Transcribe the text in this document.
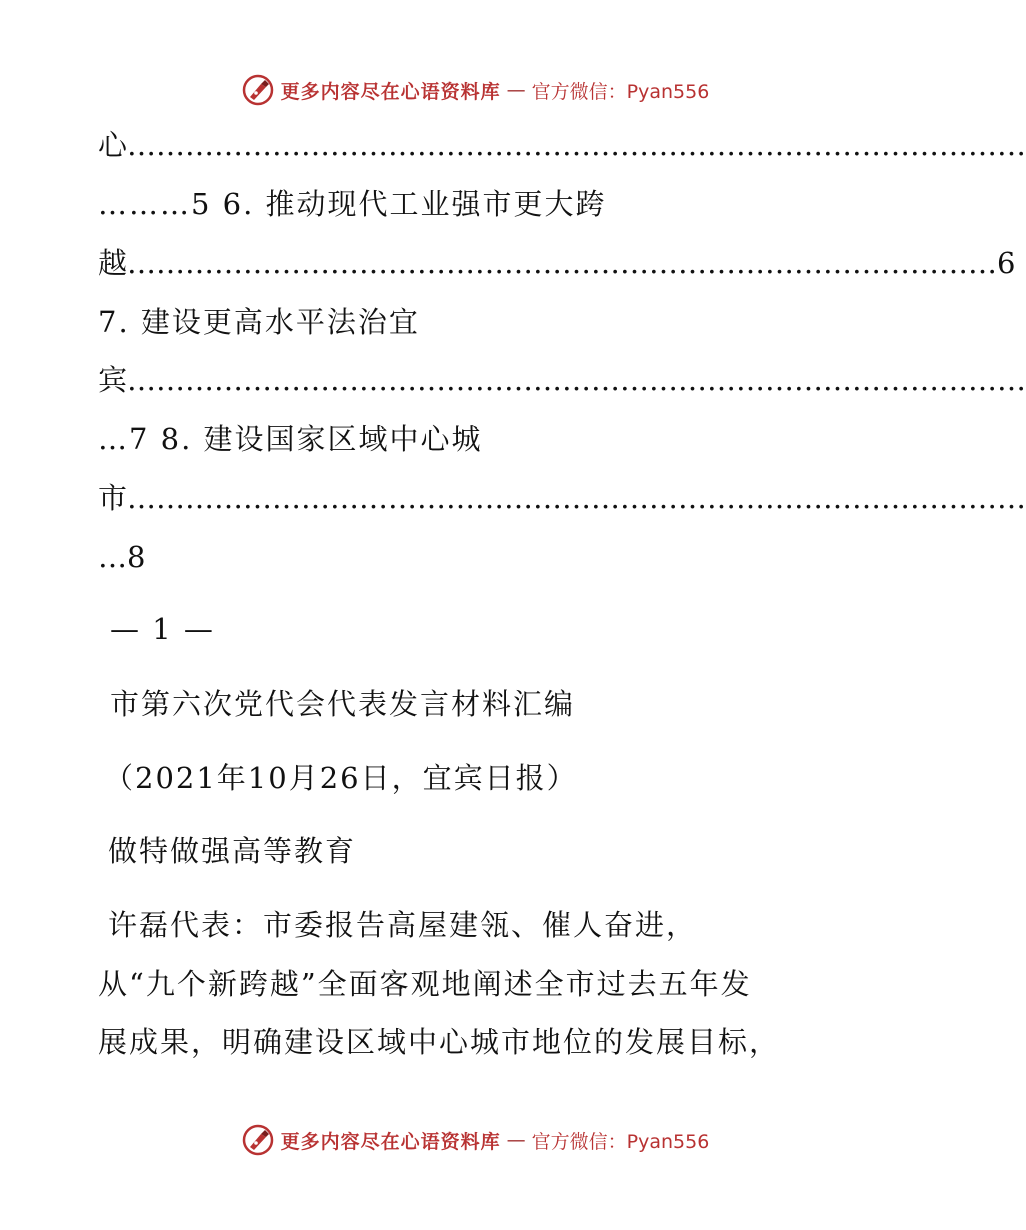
更多内容尽在心语资料库 — 官方微信：Pyan556
心…………………………………………………………………………………
………5 6. 推动现代工业强市更大跨
越………………………………………………………………………………6
7. 建设更高水平法治宜
宾…………………………………………………………………………………
…7 8. 建设国家区域中心城
市…………………………………………………………………………………
…8
— 1 —
市第六次党代会代表发言材料汇编
（2021年10月26日，宜宾日报）
做特做强高等教育
许磊代表：市委报告高屋建瓴、催人奋进，
从“九个新跨越”全面客观地阐述全市过去五年发
展成果，明确建设区域中心城市地位的发展目标，
更多内容尽在心语资料库 — 官方微信：Pyan556
